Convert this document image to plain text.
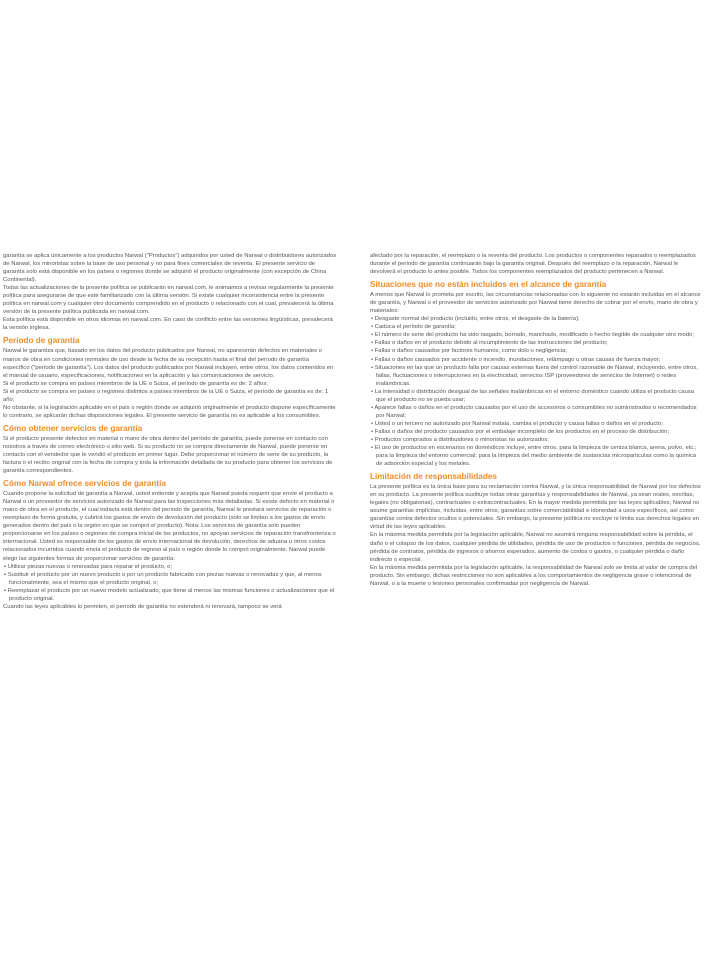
garantía se aplica únicamente a los productos Narwal ("Productos") adquiridos por usted de Narwal o distribuidores autorizados de Narwal, los minoristas sobre la base de uso personal y no para fines comerciales de reventa. El presente servicio de garantía solo está disponible en los países o regiones donde se adquirió el producto originalmente (con excepción de China Continental).

Todas las actualizaciones de la presente política se publicarán en narwal.com, le animamos a revisar regularmente la presente política para asegurarse de que esté familiarizado con la última versión. Si existe cualquier inconsistencia entre la presente política en narwal.com y cualquier otro documento comprendido en el producto o relacionado con el cual, prevalecerá la última versión de la presente política publicada en narwal.com.

Esta política está disponible en otros idiomas en narwal.com. En caso de conflicto entre las versiones lingüísticas, prevalecerá la versión inglesa.

Período de garantía

Narwal le garantiza que, basado en los datos del producto publicados por Narwal, no aparecerán defectos en materiales o manos de obra en condiciones normales de uso desde la fecha de su recepción hasta el final del período de garantía específico ("período de garantía"). Los datos del producto publicados por Narwal incluyen, entre otros, los datos contenidos en el manual de usuario, especificaciones, notificaciones en la aplicación y las comunicaciones de servicio.

Si el producto se compra en países miembros de la UE o Suiza, el período de garantía es de: 2 años;

Si el producto se compra en países o regiones distintos a países miembros de la UE o Suiza, el período de garantía es de: 1 año;

No obstante, si la legislación aplicable en el país o región donde se adquirió originalmente el producto dispone específicamente lo contrario, se aplicarán dichas disposiciones legales. El presente servicio de garantía no es aplicable a los consumibles.

Cómo obtener servicios de garantía

Si el producto presente defectos en material o mano de obra dentro del período de garantía, puede ponerse en contacto con nosotros a través de correo electrónico o sitio web. Si su producto no se compra directamente de Narwal, puede ponerse en contacto con el vendedor que le vendió el producto en primer lugar. Debe proporcionar el número de serie de su producto, la factura o el recibo original con la fecha de compra y toda la información detallada de su producto para obtener los servicios de garantía correspondientes.

Cómo Narwal ofrece servicios de garantía

Cuando propone la solicitud de garantía a Narwal, usted entiende y acepta que Narwal pueda requerir que envíe el producto a Narwal o un proveedor de servicios autorizado de Narwal para las inspecciones más detalladas. Si existe defecto en material o mano de obra en el producto, el cual todavía está dentro del período de garantía, Narwal le prestará servicios de reparación o reemplazo de forma gratuita, y cubrirá los gastos de envío de devolución del producto (solo se limitan a los gastos de envío generados dentro del país o la región en que se compró el producto). Nota: Los servicios de garantía solo pueden proporcionarse en los países o regiones de compra inicial de los productos, no apoyan servicios de reparación transfronteriza o internacional. Usted es responsable de los gastos de envío internacional de devolución, derechos de aduana u otros costos relacionados incurridos cuando envía el producto de regreso al país o región donde lo compró originalmente. Narwal puede elegir las siguientes formas de proporcionar servicios de garantía:

• Utilizar piezas nuevas o renovadas para reparar el producto, o;

• Sustituir el producto por un nuevo producto o por un producto fabricado con piezas nuevas o renovadas y que, al menos funcionalmente, sea el mismo que el producto original, o;

• Reemplazar el producto por un nuevo modelo actualizado, que tiene al menos las mismas funciones o actualizaciones que el producto original.

Cuando las leyes aplicables lo permiten, el período de garantía no extenderá ni renovará, tampoco se verá

afectado por la reparación, el reemplazo o la reventa del producto. Los productos o componentes reparados o reemplazados durante el período de garantía continuarán bajo la garantía original. Después del reemplazo o la reparación, Narwal le devolverá el producto lo antes posible. Todos los componentes reemplazados del producto pertenecen a Narwal.

Situaciones que no están incluidos en el alcance de garantía

A menos que Narwal lo prometa por escrito, las circunstancias relacionadas con lo siguiente no estarán incluidas en el alcance de garantía, y Narwal o el proveedor de servicios autorizado por Narwal tiene derecho de cobrar por el envío, mano de obra y materiales:

• Desgaste normal del producto (incluido, entre otros, el desgaste de la batería);

• Caduca el período de garantía;

• El número de serie del producto ha sido rasgado, borrado, manchado, modificado o hecho ilegible de cualquier otro modo;

• Fallas o daños en el producto debido al incumplimiento de las instrucciones del producto;

• Fallas o daños causados por factores humanos, como dolo o negligencia;

• Fallas o daños causados por accidente o incendio, inundaciones, relámpago u otras causas de fuerza mayor;

• Situaciones en las que un producto falla por causas externas fuera del control razonable de Narwal, incluyendo, entre otros, fallas, fluctuaciones o interrupciones en la electricidad, servicios ISP (proveedores de servicios de Internet) o redes inalámbricas.

• La intensidad o distribución desigual de las señales inalámbricas en el entorno doméstico cuando utiliza el producto causa que el producto no se pueda usar;

• Aparece fallas o daños en el producto causados por el uso de accesorios o consumibles no suministrados o recomendados por Narwal;

• Usted o un tercero no autorizado por Narwal instala, cambia el producto y causa fallas o daños en el producto;

• Fallas o daños del producto causados por el embalaje incompleto de los productos en el proceso de distribución;

• Productos comprados a distribuidores o minoristas no autorizados;

• El uso de productos en escenarios no domésticos incluye, entre otros, para la limpieza de ceniza blanca, arena, polvo, etc.; para la limpieza del entorno comercial; para la limpieza del medio ambiente de sustancias microparticulas como la química de adsorción especial y los metales.

Limitación de responsabilidades

La presente política es la única base para su reclamación contra Narwal, y la única responsabilidad de Narwal por los defectos en su producto. La presente política sustituye todas otras garantías y responsabilidades de Narwal, ya sean orales, escritas, legales (no obligatorias), contractuales o extracontractuales. En la mayor medida permitida por las leyes aplicables, Narwal no asume garantías implícitas, incluidas, entre otros, garantías sobre comerciabilidad e idoneidad a usos específicos, así como garantías contra defectos ocultos o potenciales. Sin embargo, la presente política no excluye ni limita sus derechos legales en virtud de las leyes aplicables.

En la máxima medida permitida por la legislación aplicable, Narwal no asumirá ninguna responsabilidad sobre la pérdida, el daño o el colapso de los datos, cualquier pérdida de utilidades, pérdida de uso de productos o funciones, pérdida de negocios, pérdida de contratos, pérdida de ingresos o ahorros esperados, aumento de costos o gastos, o cualquier pérdida o daño indirecto o especial.

En la máxima medida permitida por la legislación aplicable, la responsabilidad de Narwal solo se limita al valor de compra del producto. Sin embargo, dichas restricciones no son aplicables a los comportamientos de negligencia grave o intencional de Narwal, o a la muerte o lesiones personales confirmadas por negligencia de Narwal.
